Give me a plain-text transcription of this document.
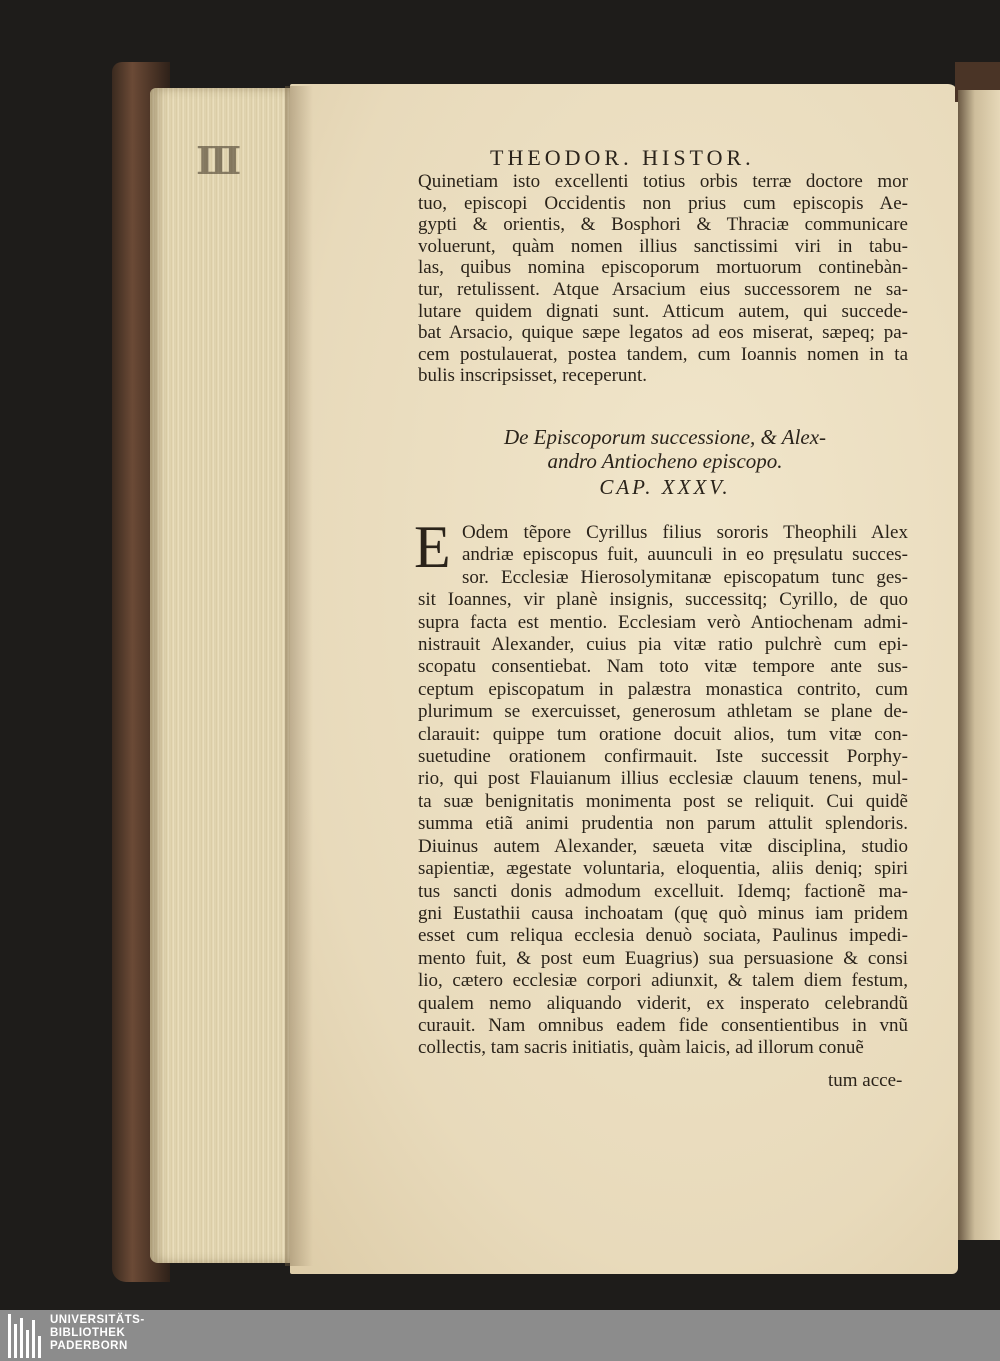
III	THEODOR. HISTOR.
Quinetiam isto excellenti totius orbis terræ doctore mor
tuo, episcopi Occidentis non prius cum episcopis Ae-
gypti & orientis, & Bosphori & Thraciæ communicare
voluerunt, quàm nomen illius sanctissimi viri in tabu-
las, quibus nomina episcoporum mortuorum continebàn-
tur, retulissent. Atque Arsacium eius successorem ne sa-
lutare quidem dignati sunt. Atticum autem, qui succede-
bat Arsacio, quique sæpe legatos ad eos miserat, sæpeq; pa-
cem postulauerat, postea tandem, cum Ioannis nomen in ta
bulis inscripsisset, receperunt.
De Episcoporum successione, & Alex-
andro Antiocheno episcopo.
CAP. XXXV.
E Odem tẽpore Cyrillus filius sororis Theophili Alex
andriæ episcopus fuit, auunculi in eo pręsulatu succes-
sor. Ecclesiæ Hierosolymitanæ episcopatum tunc ges-
sit Ioannes, vir planè insignis, successitq; Cyrillo, de quo
supra facta est mentio. Ecclesiam verò Antiochenam admi-
nistrauit Alexander, cuius pia vitæ ratio pulchrè cum epi-
scopatu consentiebat. Nam toto vitæ tempore ante sus-
ceptum episcopatum in palæstra monastica contrito, cum
plurimum se exercuisset, generosum athletam se plane de-
clarauit: quippe tum oratione docuit alios, tum vitæ con-
suetudine orationem confirmauit. Iste successit Porphy-
rio, qui post Flauianum illius ecclesiæ clauum tenens, mul-
ta suæ benignitatis monimenta post se reliquit. Cui quidẽ
summa etiã animi prudentia non parum attulit splendoris.
Diuinus autem Alexander, sæueta vitæ disciplina, studio
sapientiæ, ægestate voluntaria, eloquentia, aliis deniq; spiri
tus sancti donis admodum excelluit. Idemq; factionẽ ma-
gni Eustathii causa inchoatam (quę quò minus iam pridem
esset cum reliqua ecclesia denuò sociata, Paulinus impedi-
mento fuit, & post eum Euagrius) sua persuasione & consi
lio, cætero ecclesiæ corpori adiunxit, & talem diem festum,
qualem nemo aliquando viderit, ex insperato celebrandũ
curauit. Nam omnibus eadem fide consentientibus in vnũ
collectis, tam sacris initiatis, quàm laicis, ad illorum conuẽ
tum acce-
UNIVERSITÄTS-
BIBLIOTHEK
PADERBORN
